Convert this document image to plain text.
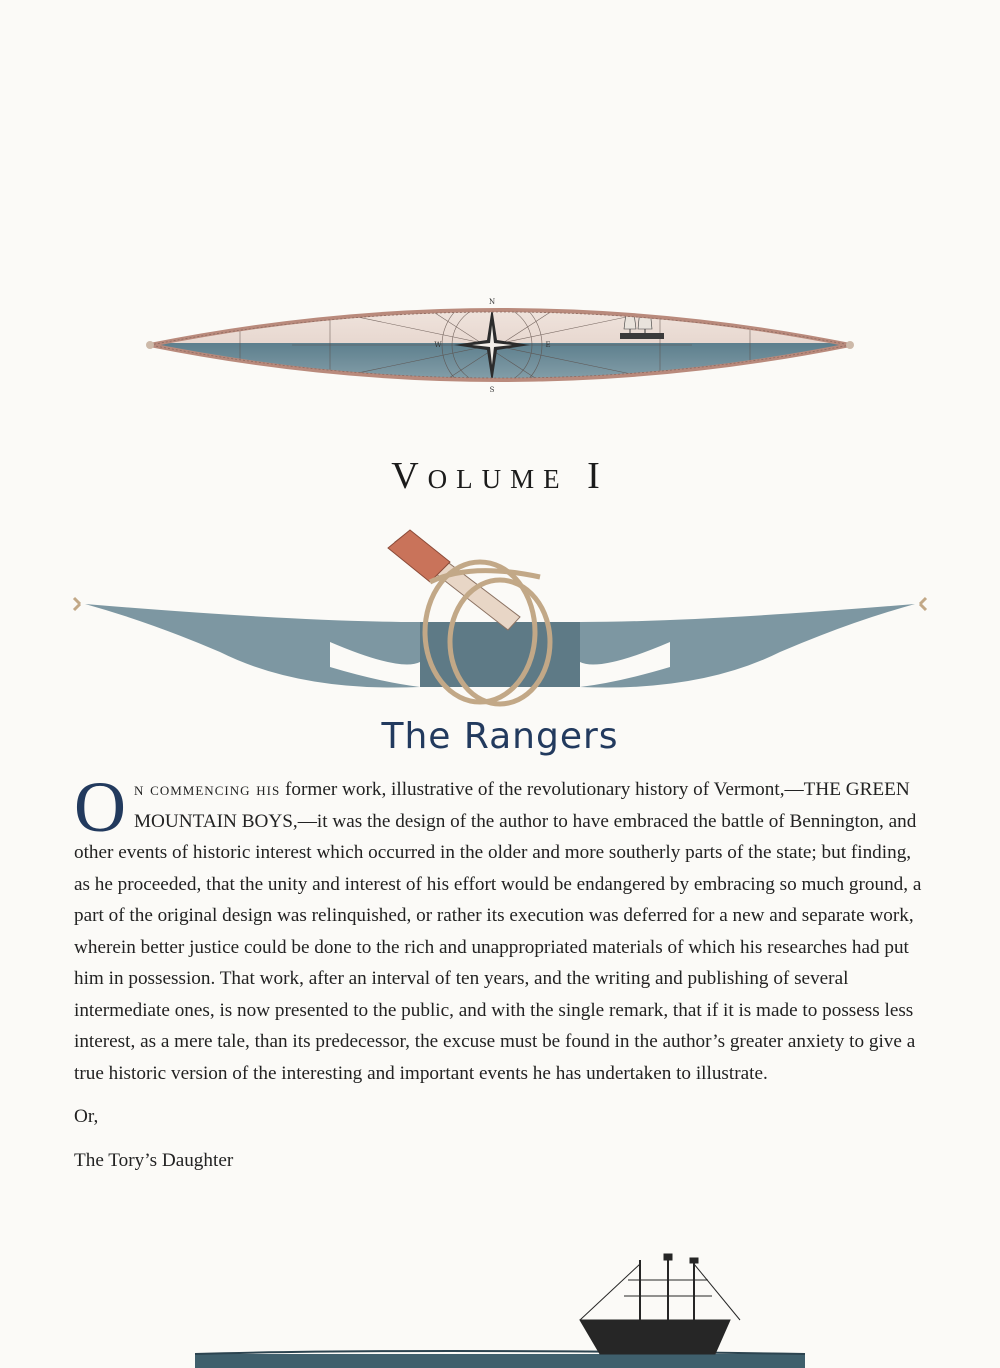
N
S
E
W
Volume I
The Rangers

On commencing his former work, illustrative of the revolutionary history of Vermont,—THE GREEN MOUNTAIN BOYS,—it was the design of the author to have embraced the battle of Bennington, and other events of historic interest which occurred in the older and more southerly parts of the state; but finding, as he proceeded, that the unity and interest of his effort would be endangered by embracing so much ground, a part of the original design was relinquished, or rather its execution was deferred for a new and separate work, wherein better justice could be done to the rich and unappropriated materials of which his researches had put him in possession. That work, after an interval of ten years, and the writing and publishing of several intermediate ones, is now presented to the public, and with the single remark, that if it is made to possess less interest, as a mere tale, than its predecessor, the excuse must be found in the author’s greater anxiety to give a true historic version of the interesting and important events he has undertaken to illustrate.

Or,

The Tory’s Daughter
